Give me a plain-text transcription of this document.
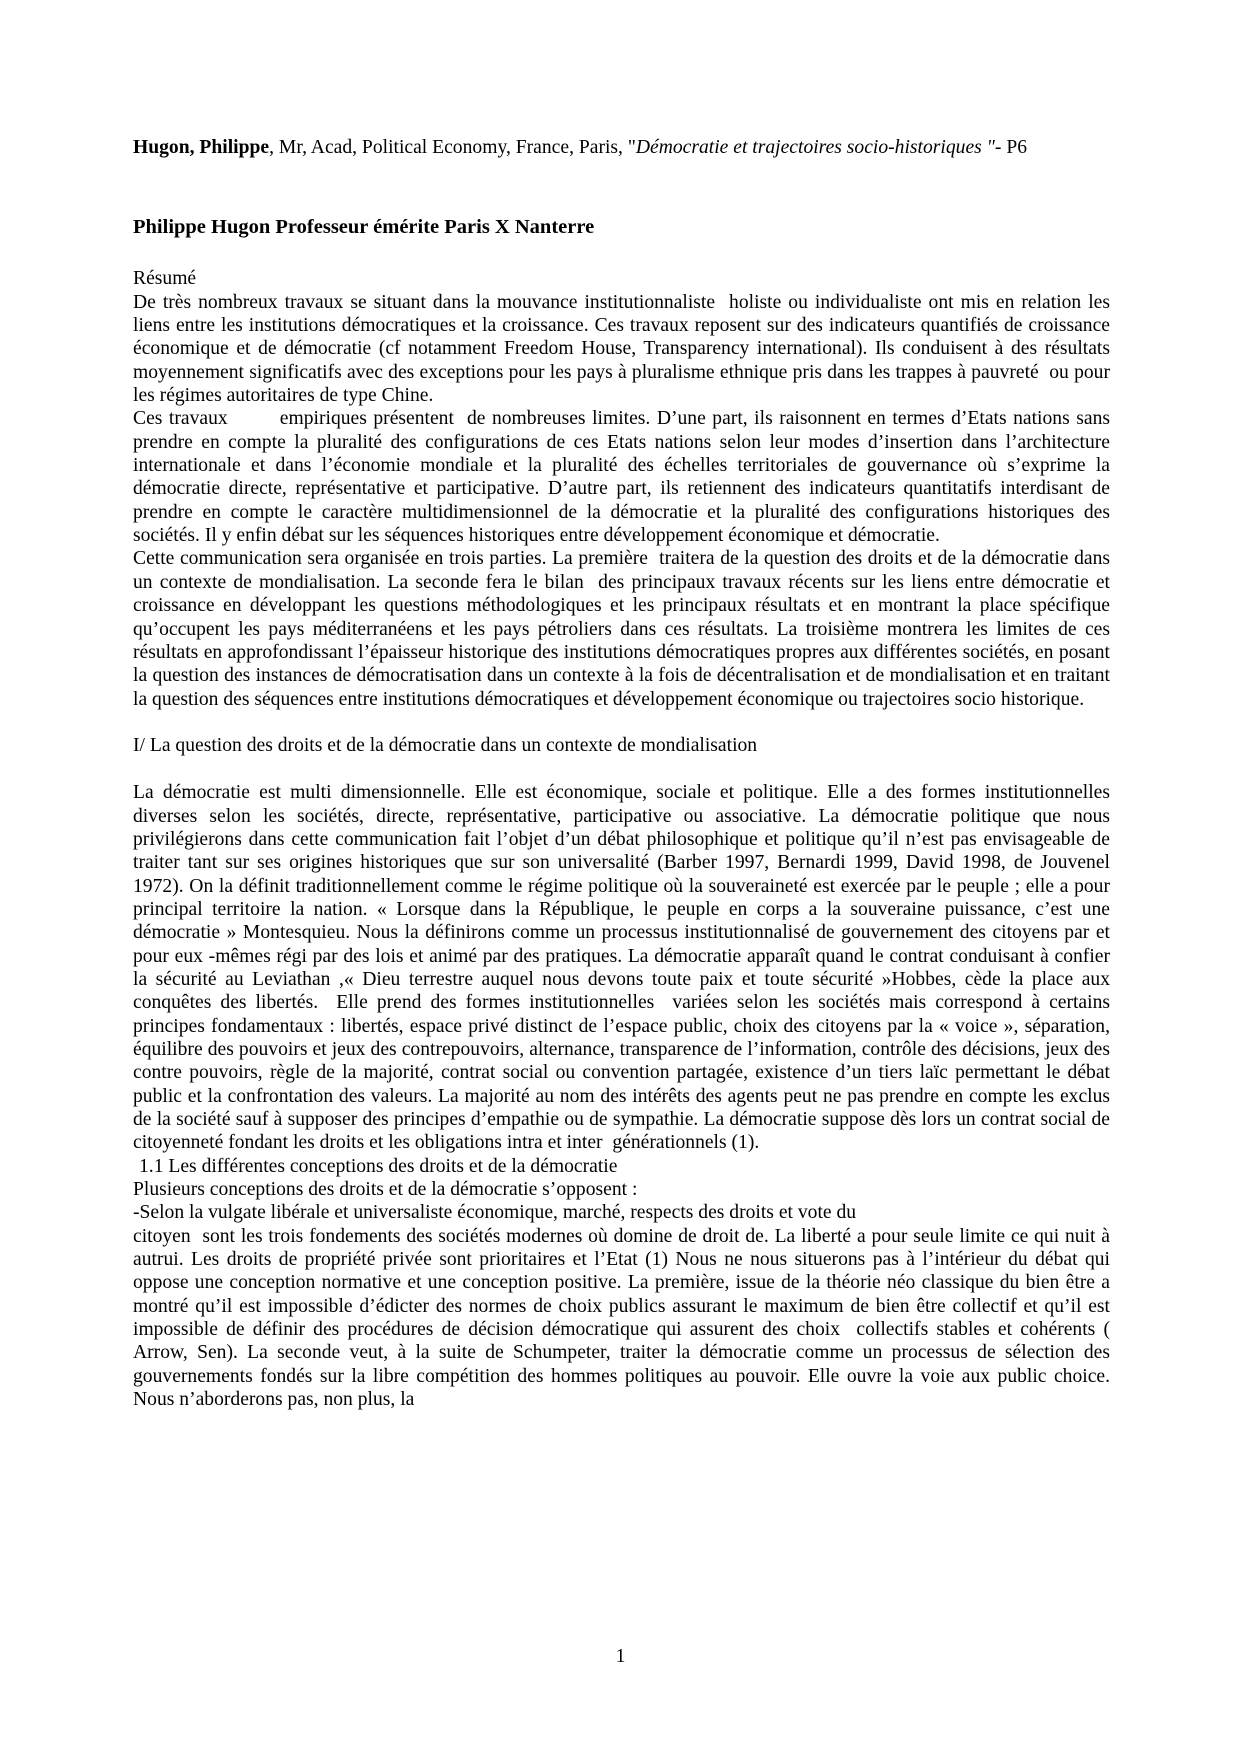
Hugon, Philippe, Mr, Acad, Political Economy, France, Paris, "Démocratie et trajectoires socio-historiques "- P6

Philippe Hugon Professeur émérite Paris X Nanterre

Résumé

De très nombreux travaux se situant dans la mouvance institutionnaliste  holiste ou individualiste ont mis en relation les liens entre les institutions démocratiques et la croissance. Ces travaux reposent sur des indicateurs quantifiés de croissance économique et de démocratie (cf notamment Freedom House, Transparency international). Ils conduisent à des résultats moyennement significatifs avec des exceptions pour les pays à pluralisme ethnique pris dans les trappes à pauvreté  ou pour les régimes autoritaires de type Chine.

Ces travaux        empiriques présentent  de nombreuses limites. D’une part, ils raisonnent en termes d’Etats nations sans prendre en compte la pluralité des configurations de ces Etats nations selon leur modes d’insertion dans l’architecture internationale et dans l’économie mondiale et la pluralité des échelles territoriales de gouvernance où s’exprime la démocratie directe, représentative et participative. D’autre part, ils retiennent des indicateurs quantitatifs interdisant de prendre en compte le caractère multidimensionnel de la démocratie et la pluralité des configurations historiques des sociétés. Il y enfin débat sur les séquences historiques entre développement économique et démocratie.

Cette communication sera organisée en trois parties. La première  traitera de la question des droits et de la démocratie dans un contexte de mondialisation. La seconde fera le bilan  des principaux travaux récents sur les liens entre démocratie et croissance en développant les questions méthodologiques et les principaux résultats et en montrant la place spécifique qu’occupent les pays méditerranéens et les pays pétroliers dans ces résultats. La troisième montrera les limites de ces résultats en approfondissant l’épaisseur historique des institutions démocratiques propres aux différentes sociétés, en posant la question des instances de démocratisation dans un contexte à la fois de décentralisation et de mondialisation et en traitant la question des séquences entre institutions démocratiques et développement économique ou trajectoires socio historique.

I/ La question des droits et de la démocratie dans un contexte de mondialisation

La démocratie est multi dimensionnelle. Elle est économique, sociale et politique. Elle a des formes institutionnelles diverses selon les sociétés, directe, représentative, participative ou associative. La démocratie politique que nous privilégierons dans cette communication fait l’objet d’un débat philosophique et politique qu’il n’est pas envisageable de traiter tant sur ses origines historiques que sur son universalité (Barber 1997, Bernardi 1999, David 1998, de Jouvenel 1972). On la définit traditionnellement comme le régime politique où la souveraineté est exercée par le peuple ; elle a pour principal territoire la nation. « Lorsque dans la République, le peuple en corps a la souveraine puissance, c’est une démocratie » Montesquieu. Nous la définirons comme un processus institutionnalisé de gouvernement des citoyens par et pour eux -mêmes régi par des lois et animé par des pratiques. La démocratie apparaît quand le contrat conduisant à confier la sécurité au Leviathan ,« Dieu terrestre auquel nous devons toute paix et toute sécurité »Hobbes, cède la place aux conquêtes des libertés.  Elle prend des formes institutionnelles  variées selon les sociétés mais correspond à certains principes fondamentaux : libertés, espace privé distinct de l’espace public, choix des citoyens par la « voice », séparation, équilibre des pouvoirs et jeux des contrepouvoirs, alternance, transparence de l’information, contrôle des décisions, jeux des contre pouvoirs, règle de la majorité, contrat social ou convention partagée, existence d’un tiers laïc permettant le débat public et la confrontation des valeurs. La majorité au nom des intérêts des agents peut ne pas prendre en compte les exclus de la société sauf à supposer des principes d’empathie ou de sympathie. La démocratie suppose dès lors un contrat social de citoyenneté fondant les droits et les obligations intra et inter  générationnels (1).

1.1 Les différentes conceptions des droits et de la démocratie

Plusieurs conceptions des droits et de la démocratie s’opposent :

-Selon la vulgate libérale et universaliste économique, marché, respects des droits et vote du

citoyen  sont les trois fondements des sociétés modernes où domine de droit de. La liberté a pour seule limite ce qui nuit à autrui. Les droits de propriété privée sont prioritaires et l’Etat (1) Nous ne nous situerons pas à l’intérieur du débat qui oppose une conception normative et une conception positive. La première, issue de la théorie néo classique du bien être a montré qu’il est impossible d’édicter des normes de choix publics assurant le maximum de bien être collectif et qu’il est impossible de définir des procédures de décision démocratique qui assurent des choix  collectifs stables et cohérents ( Arrow, Sen). La seconde veut, à la suite de Schumpeter, traiter la démocratie comme un processus de sélection des gouvernements fondés sur la libre compétition des hommes politiques au pouvoir. Elle ouvre la voie aux public choice. Nous n’aborderons pas, non plus, la

1
